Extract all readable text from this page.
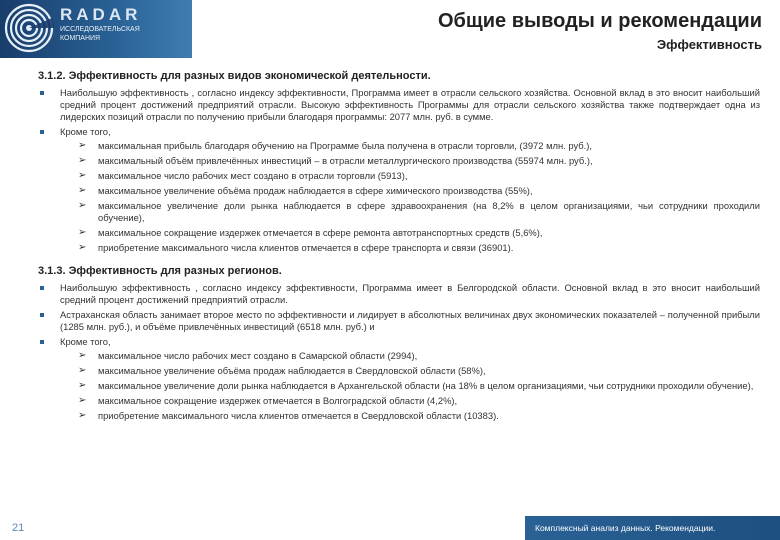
RADAR
ИССЛЕДОВАТЕЛЬСКАЯ
КОМПАНИЯ
Общие выводы и рекомендации
Эффективность
3.1.2. Эффективность для разных видов экономической деятельности.
Наибольшую эффективность , согласно индексу эффективности, Программа имеет в отрасли сельского хозяйства. Основной вклад в это вносит наибольший средний процент достижений предприятий отрасли. Высокую эффективность Программы для отрасли сельского хозяйства также подтверждает одна из лидерских позиций отрасли по получению прибыли благодаря программы: 2077 млн. руб. в сумме.
Кроме того,
➢ максимальная прибыль благодаря обучению на Программе была получена в отрасли торговли, (3972 млн. руб.),
➢ максимальный объём привлечённых инвестиций – в отрасли металлургического производства (55974 млн. руб.),
➢ максимальное число рабочих мест создано в отрасли торговли (5913),
➢ максимальное увеличение объёма продаж наблюдается в сфере химического производства (55%),
➢ максимальное увеличение доли рынка наблюдается в сфере здравоохранения (на 8,2% в целом организациями, чьи сотрудники проходили обучение),
➢ максимальное сокращение издержек отмечается в сфере ремонта автотранспортных средств (5,6%),
➢ приобретение максимального числа клиентов отмечается в сфере транспорта и связи (36901).
3.1.3. Эффективность для разных регионов.
Наибольшую эффективность , согласно индексу эффективности, Программа имеет в Белгородской области. Основной вклад в это вносит наибольший средний процент достижений предприятий отрасли.
Астраханская область занимает второе место по эффективности и лидирует в абсолютных величинах двух экономических показателей – полученной прибыли (1285 млн. руб.), и объёме привлечённых инвестиций (6518 млн. руб.) и
Кроме того,
➢ максимальное число рабочих мест создано в Самарской области (2994),
➢ максимальное увеличение объёма продаж наблюдается в Свердловской области (58%),
➢ максимальное увеличение доли рынка наблюдается в Архангельской области (на 18% в целом организациями, чьи сотрудники проходили обучение),
➢ максимальное сокращение издержек отмечается в Волгоградской области (4,2%),
➢ приобретение максимального числа клиентов отмечается в Свердловской области (10383).
21	Комплексный анализ данных. Рекомендации.
